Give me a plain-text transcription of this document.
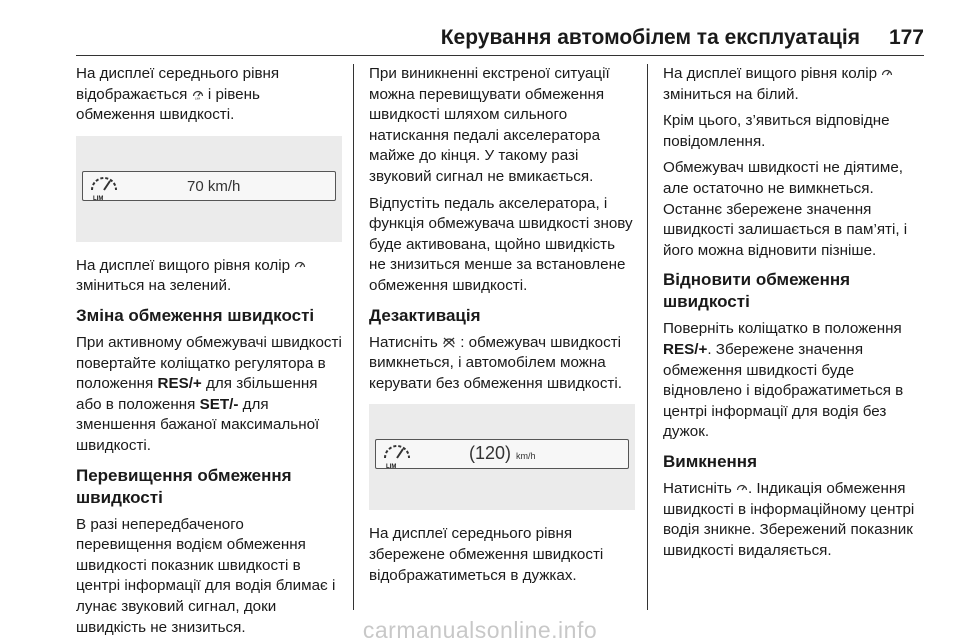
Керування автомобілем та експлуатація 177

На дисплеї середнього рівня відображається LIM і рівень обмеження швидкості.

LIM
70 km/h

На дисплеї вищого рівня колір  зміниться на зелений.

Зміна обмеження швидкості

При активному обмежувачі швидкості повертайте коліщатко регулятора в положення RES/+ для збільшення або в положення SET/- для зменшення бажаної максимальної швидкості.

Перевищення обмеження швидкості

В разі непередбаченого перевищення водієм обмеження швидкості показник швидкості в центрі інформації для водія блимає і лунає звуковий сигнал, доки швидкість не знизиться.

При виникненні екстреної ситуації можна перевищувати обмеження швидкості шляхом сильного натискання педалі акселератора майже до кінця. У такому разі звуковий сигнал не вмикається.

Відпустіть педаль акселератора, і функція обмежувача швидкості знову буде активована, щойно швидкість не знизиться менше за встановлене обмеження швидкості.

Дезактивація

Натисніть : обмежувач швидкості вимкнеться, і автомобілем можна керувати без обмеження швидкості.

LIM
(120) km/h

На дисплеї середнього рівня збережене обмеження швидкості відображатиметься в дужках.

На дисплеї вищого рівня колір  зміниться на білий.

Крім цього, з’явиться відповідне повідомлення.

Обмежувач швидкості не діятиме, але остаточно не вимкнеться. Останнє збережене значення швидкості залишається в пам’яті, і його можна відновити пізніше.

Відновити обмеження швидкості

Поверніть коліщатко в положення RES/+. Збережене значення обмеження швидкості буде відновлено і відображатиметься в центрі інформації для водія без дужок.

Вимкнення

Натисніть . Індикація обмеження швидкості в інформаційному центрі водія зникне. Збережений показник швидкості видаляється.

carmanualsonline.info
